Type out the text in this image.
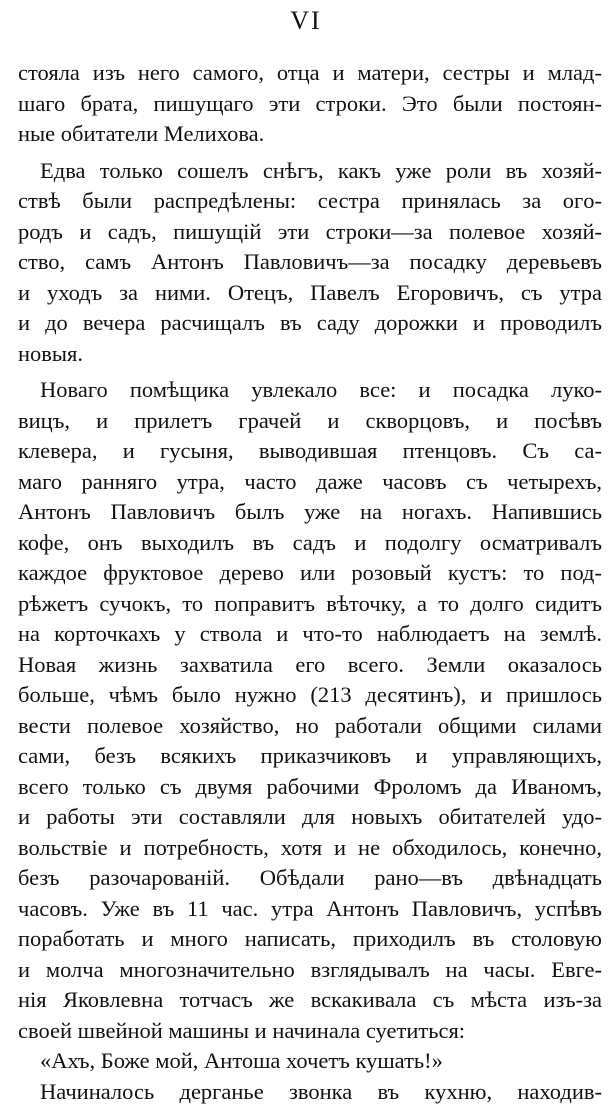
VI
стояла изъ него самого, отца и матери, сестры и млад-
шаго брата, пишущаго эти строки. Это были постоян-
ные обитатели Мелихова.
Едва только сошелъ снѣгъ, какъ уже роли въ хозяй-
ствѣ были распредѣлены: сестра принялась за огo-
родъ и садъ, пишущій эти строки—за полевое хозяй-
ство, самъ Антонъ Павловичъ—за посадку деревьевъ
и уходъ за ними. Отецъ, Павелъ Егоровичъ, съ утра
и до вечера расчищалъ въ саду дорожки и проводилъ
новыя.
Новаго помѣщика увлекало все: и посадка луко-
вицъ, и прилетъ грачей и скворцовъ, и посѣвъ
клевера, и гусыня, выводившая птенцовъ. Съ са-
маго ранняго утра, часто даже часовъ съ четырехъ,
Антонъ Павловичъ былъ уже на ногахъ. Напившись
кофе, онъ выходилъ въ садъ и подолгу осматривалъ
каждое фруктовое дерево или розовый кустъ: то под-
рѣжетъ сучокъ, то поправитъ вѣточку, а то долго сидитъ
на корточкахъ у ствола и что-то наблюдаетъ на землѣ.
Новая жизнь захватила его всего. Земли оказалось
больше, чѣмъ было нужно (213 десятинъ), и пришлось
вести полевое хозяйство, но работали общими силами
сами, безъ всякихъ приказчиковъ и управляющихъ,
всего только съ двумя рабочими Фроломъ да Иваномъ,
и работы эти составляли для новыхъ обитателей удо-
вольствіе и потребность, хотя и не обходилось, конечно,
безъ разочарованій. Обѣдали рано—въ двѣнадцать
часовъ. Уже въ 11 час. утра Антонъ Павловичъ, успѣвъ
поработать и много написать, приходилъ въ столовую
и молча многозначительно взглядывалъ на часы. Евге-
нія Яковлевна тотчасъ же вскакивала съ мѣста изъ-за
своей швейной машины и начинала суетиться:
«Ахъ, Боже мой, Антоша хочетъ кушать!»
Начиналось дерганье звонка въ кухню, находив-
